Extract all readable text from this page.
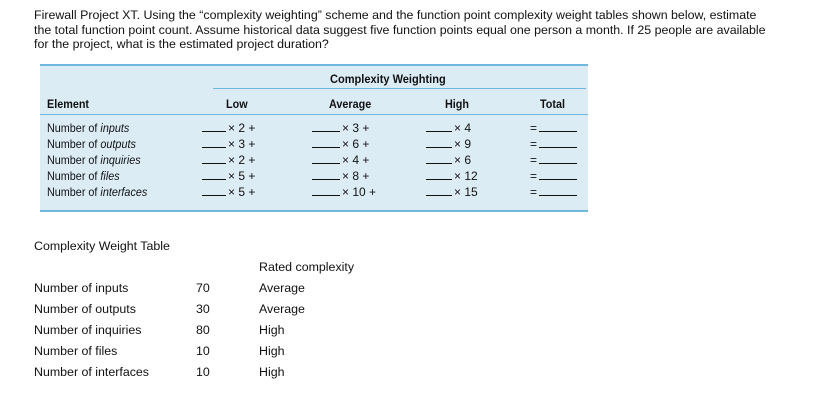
Firewall Project XT. Using the “complexity weighting” scheme and the function point complexity weight tables shown below, estimate the total function point count. Assume historical data suggest five function points equal one person a month. If 25 people are available for the project, what is the estimated project duration?

Complexity Weighting
Element	Low	Average	High	Total
Number of inputs	× 2 +	× 3 +	× 4	=
Number of outputs	× 3 +	× 6 +	× 9	=
Number of inquiries	× 2 +	× 4 +	× 6	=
Number of files	× 5 +	× 8 +	× 12	=
Number of interfaces	× 5 +	× 10 +	× 15	=
Complexity Weight Table
Rated complexity
Number of inputs	70	Average
Number of outputs	30	Average
Number of inquiries	80	High
Number of files	10	High
Number of interfaces	10	High
